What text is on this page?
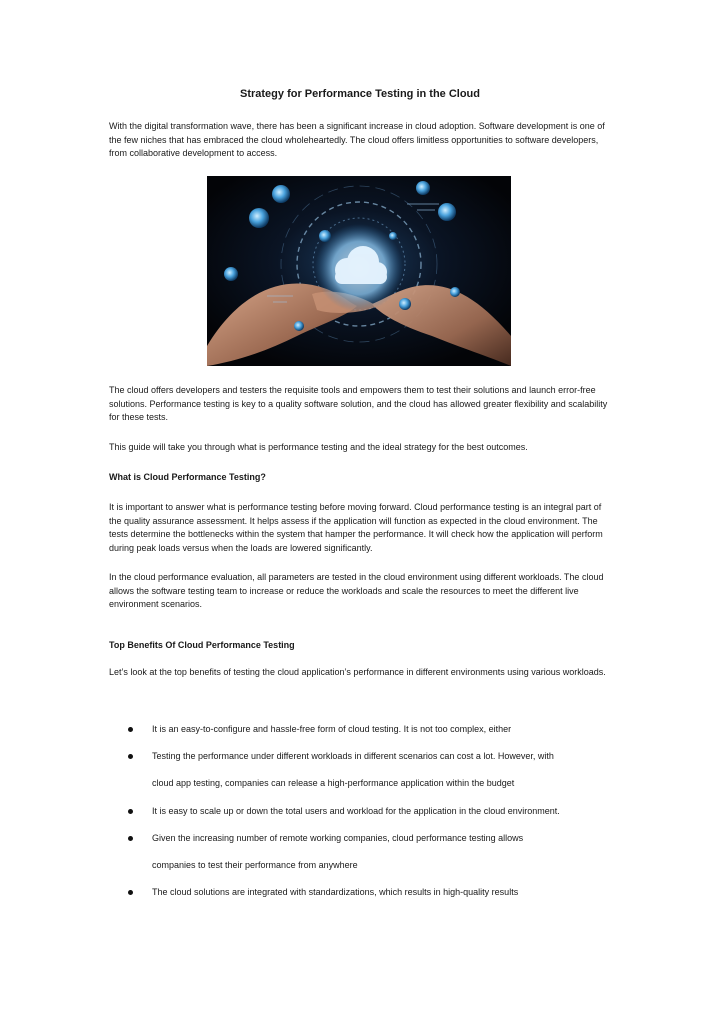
Strategy for Performance Testing in the Cloud

With the digital transformation wave, there has been a significant increase in cloud adoption. Software development is one of the few niches that has embraced the cloud wholeheartedly. The cloud offers limitless opportunities to software developers, from collaborative development to access.

The cloud offers developers and testers the requisite tools and empowers them to test their solutions and launch error-free solutions. Performance testing is key to a quality software solution, and the cloud has allowed greater flexibility and scalability for these tests.

This guide will take you through what is performance testing and the ideal strategy for the best outcomes.

What is Cloud Performance Testing?

It is important to answer what is performance testing before moving forward. Cloud performance testing is an integral part of the quality assurance assessment. It helps assess if the application will function as expected in the cloud environment. The tests determine the bottlenecks within the system that hamper the performance. It will check how the application will perform during peak loads versus when the loads are lowered significantly.

In the cloud performance evaluation, all parameters are tested in the cloud environment using different workloads. The cloud allows the software testing team to increase or reduce the workloads and scale the resources to meet the different live environment scenarios.

Top Benefits Of Cloud Performance Testing

Let’s look at the top benefits of testing the cloud application’s performance in different environments using various workloads.

It is an easy-to-configure and hassle-free form of cloud testing. It is not too complex, either
Testing the performance under different workloads in different scenarios can cost a lot. However, with
cloud app testing, companies can release a high-performance application within the budget
It is easy to scale up or down the total users and workload for the application in the cloud environment.
Given the increasing number of remote working companies, cloud performance testing allows
companies to test their performance from anywhere
The cloud solutions are integrated with standardizations, which results in high-quality results
